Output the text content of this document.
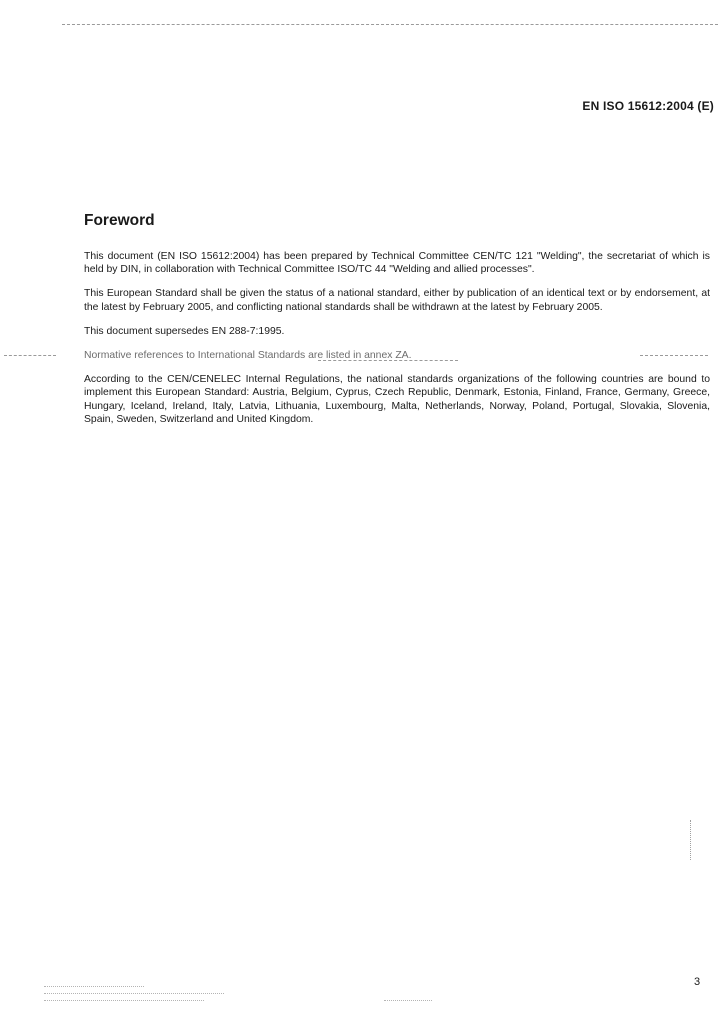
EN ISO 15612:2004 (E)
Foreword

This document (EN ISO 15612:2004) has been prepared by Technical Committee CEN/TC 121 "Welding", the secretariat of which is held by DIN, in collaboration with Technical Committee ISO/TC 44 "Welding and allied processes".

This European Standard shall be given the status of a national standard, either by publication of an identical text or by endorsement, at the latest by February 2005, and conflicting national standards shall be withdrawn at the latest by February 2005.

This document supersedes EN 288-7:1995.

Normative references to International Standards are listed in annex ZA.

According to the CEN/CENELEC Internal Regulations, the national standards organizations of the following countries are bound to implement this European Standard: Austria, Belgium, Cyprus, Czech Republic, Denmark, Estonia, Finland, France, Germany, Greece, Hungary, Iceland, Ireland, Italy, Latvia, Lithuania, Luxembourg, Malta, Netherlands, Norway, Poland, Portugal, Slovakia, Slovenia, Spain, Sweden, Switzerland and United Kingdom.

3
